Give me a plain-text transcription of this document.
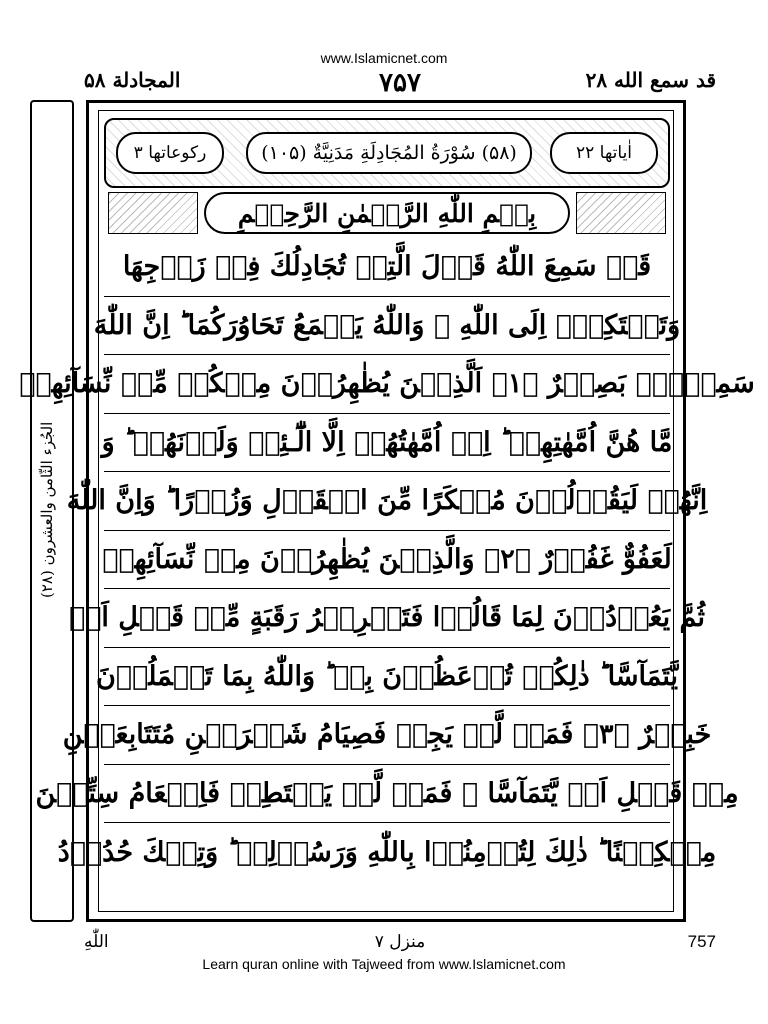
www.Islamicnet.com
قد سمع الله ۲۸
۷۵۷
المجادلة ۵۸
الجُزء الثّامن والعشرون (۲۸)
اٰیاتها ۲۲
(۵۸) سُوْرَةُ المُجَادِلَةِ مَدَنِيَّةٌ (۱۰۵)
رکوعاتها ۳
بِسۡمِ اللّٰهِ الرَّحۡمٰنِ الرَّحِيۡمِ
قَدۡ سَمِعَ اللّٰهُ قَوۡلَ الَّتِىۡ تُجَادِلُكَ فِىۡ زَوۡجِهَا
وَتَشۡتَكِىۡۤ اِلَى اللّٰهِ ۖ وَاللّٰهُ يَسۡمَعُ تَحَاوُرَكُمَا ؕ اِنَّ اللّٰهَ
سَمِيۡعٌۢ بَصِيۡرٌ ﴿۱﴾ اَلَّذِيۡنَ يُظٰهِرُوۡنَ مِنۡكُمۡ مِّنۡ نِّسَآئِهِمۡ
مَّا هُنَّ اُمَّهٰتِهِمۡ ؕ اِنۡ اُمَّهٰتُهُمۡ اِلَّا الّٰٓـئِىۡ وَلَدۡنَهُمۡ ؕ وَ
اِنَّهُمۡ لَيَقُوۡلُوۡنَ مُنۡكَرًا مِّنَ الۡقَوۡلِ وَزُوۡرًا ؕ وَاِنَّ اللّٰهَ
لَعَفُوٌّ غَفُوۡرٌ ﴿۲﴾ وَالَّذِيۡنَ يُظٰهِرُوۡنَ مِنۡ نِّسَآئِهِمۡ
ثُمَّ يَعُوۡدُوۡنَ لِمَا قَالُوۡا فَتَحۡرِيۡرُ رَقَبَةٍ مِّنۡ قَبۡلِ اَنۡ
يَّتَمَآسَّا ؕ ذٰلِكُمۡ تُوۡعَظُوۡنَ بِهٖ ؕ وَاللّٰهُ بِمَا تَعۡمَلُوۡنَ
خَبِيۡرٌ ﴿۳﴾ فَمَنۡ لَّمۡ يَجِدۡ فَصِيَامُ شَهۡرَيۡنِ مُتَتَابِعَيۡنِ
مِنۡ قَبۡلِ اَنۡ يَّتَمَآسَّا ۚ فَمَنۡ لَّمۡ يَسۡتَطِعۡ فَاِطۡعَامُ سِتِّيۡنَ
مِسۡكِيۡنًا ؕ ذٰلِكَ لِتُؤۡمِنُوۡا بِاللّٰهِ وَرَسُوۡلِهٖ ؕ وَتِلۡكَ حُدُوۡدُ
757
منزل ۷
اللّٰهِ
Learn quran online with Tajweed from www.Islamicnet.com
